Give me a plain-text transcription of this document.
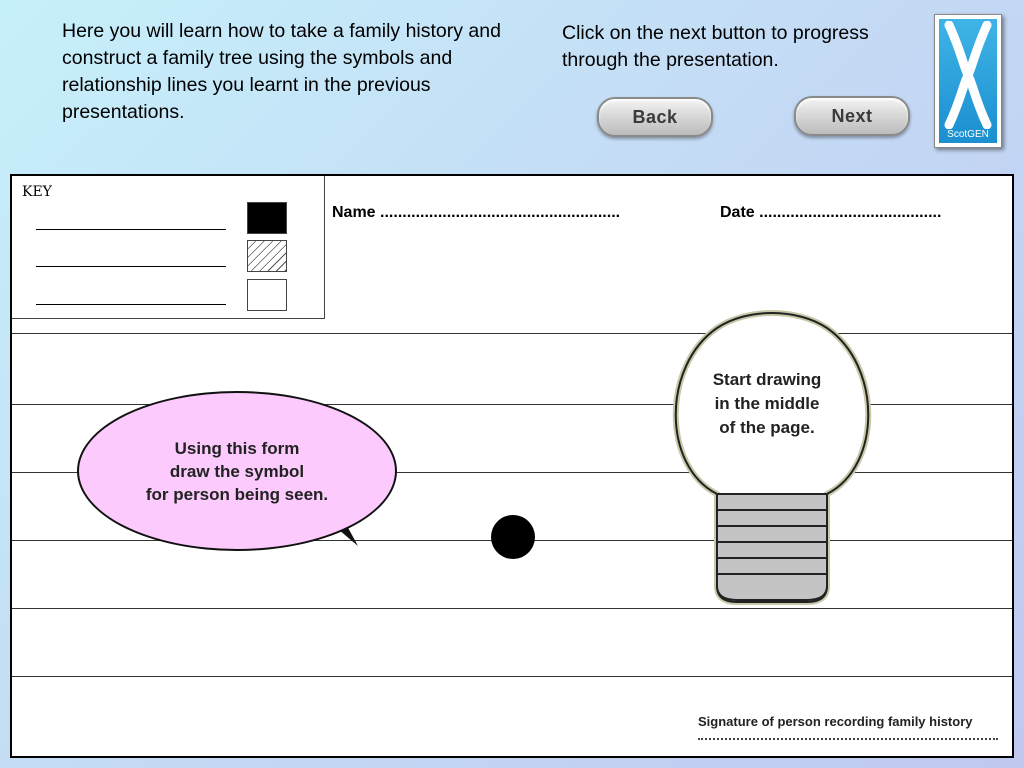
Here you will learn how to take a family history and construct a family tree using the symbols and relationship lines you learnt in the previous presentations.
Click on the next button to progress through the presentation.
Back	Next
ScotGEN
KEY
Name ......................................................	Date .........................................
Using this form
draw the symbol
for person being seen.
Start drawing
in the middle
of the page.
Signature of person recording family history
